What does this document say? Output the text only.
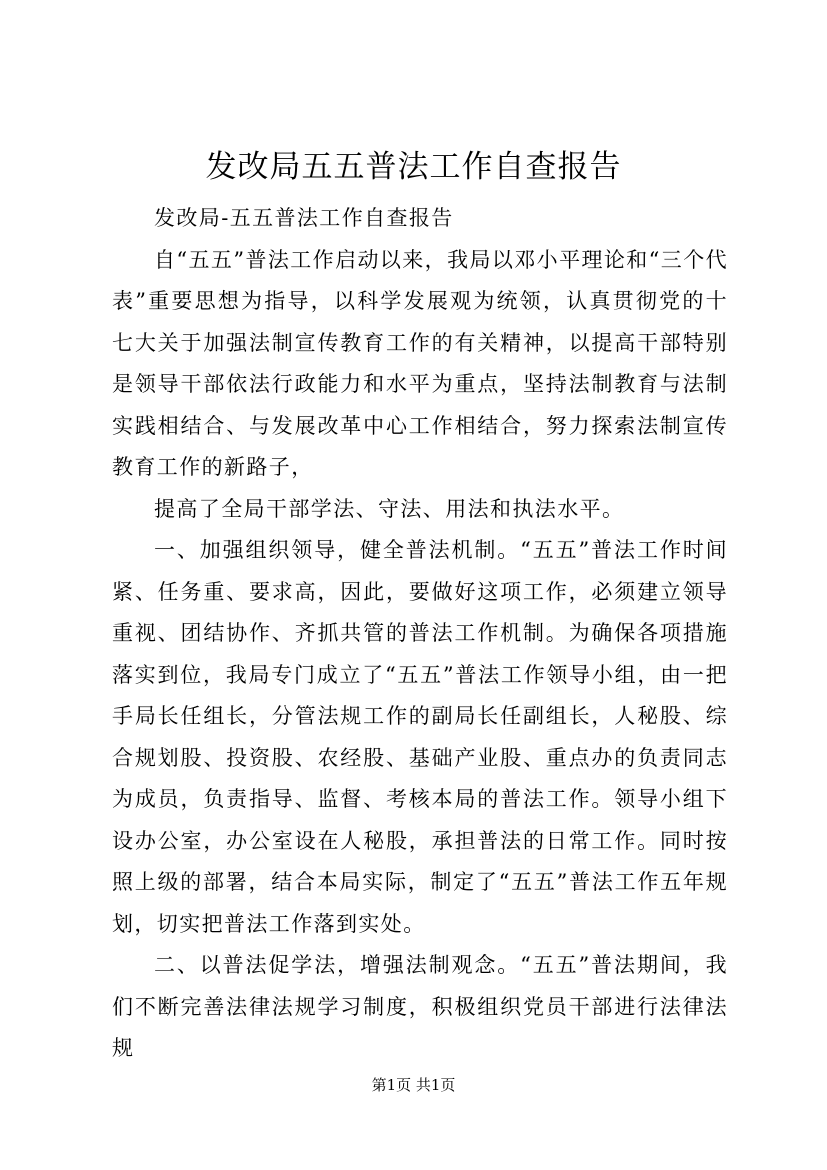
发改局五五普法工作自查报告

发改局-五五普法工作自查报告

自“五五”普法工作启动以来，我局以邓小平理论和“三个代表”重要思想为指导，以科学发展观为统领，认真贯彻党的十七大关于加强法制宣传教育工作的有关精神，以提高干部特别是领导干部依法行政能力和水平为重点，坚持法制教育与法制实践相结合、与发展改革中心工作相结合，努力探索法制宣传教育工作的新路子，

提高了全局干部学法、守法、用法和执法水平。

一、加强组织领导，健全普法机制。“五五”普法工作时间紧、任务重、要求高，因此，要做好这项工作，必须建立领导重视、团结协作、齐抓共管的普法工作机制。为确保各项措施落实到位，我局专门成立了“五五”普法工作领导小组，由一把手局长任组长，分管法规工作的副局长任副组长，人秘股、综合规划股、投资股、农经股、基础产业股、重点办的负责同志为成员，负责指导、监督、考核本局的普法工作。领导小组下设办公室，办公室设在人秘股，承担普法的日常工作。同时按照上级的部署，结合本局实际，制定了“五五”普法工作五年规划，切实把普法工作落到实处。

二、以普法促学法，增强法制观念。“五五”普法期间，我们不断完善法律法规学习制度，积极组织党员干部进行法律法规

第1页 共1页
